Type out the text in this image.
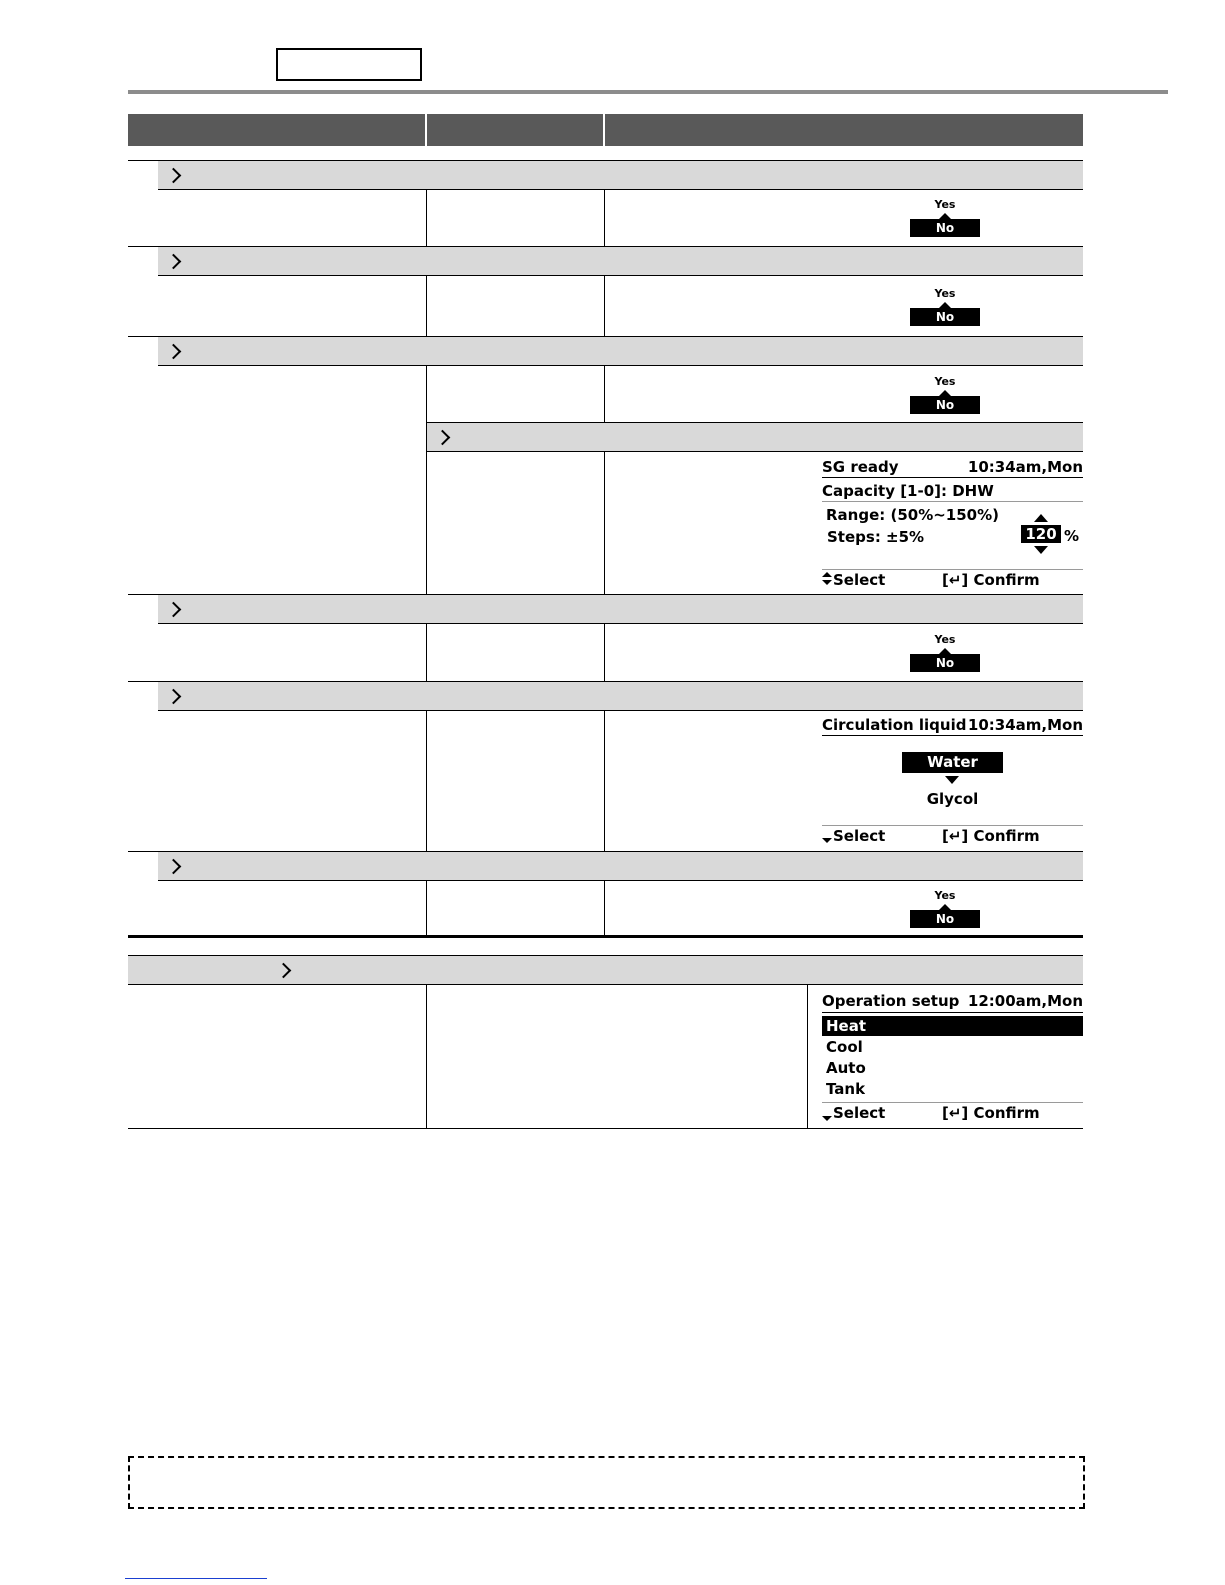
Yes
No
Yes
No
Yes
No
SG ready	10:34am,Mon
Capacity [1-0]: DHW
Range: (50%~150%)
Steps: ±5%	120 %
Select	[↵] Confirm
Yes
No
Circulation liquid 10:34am,Mon
Water
Glycol
Select	[↵] Confirm
Yes
No
Operation setup 12:00am,Mon
Heat
Cool
Auto
Tank
Select	[↵] Confirm
